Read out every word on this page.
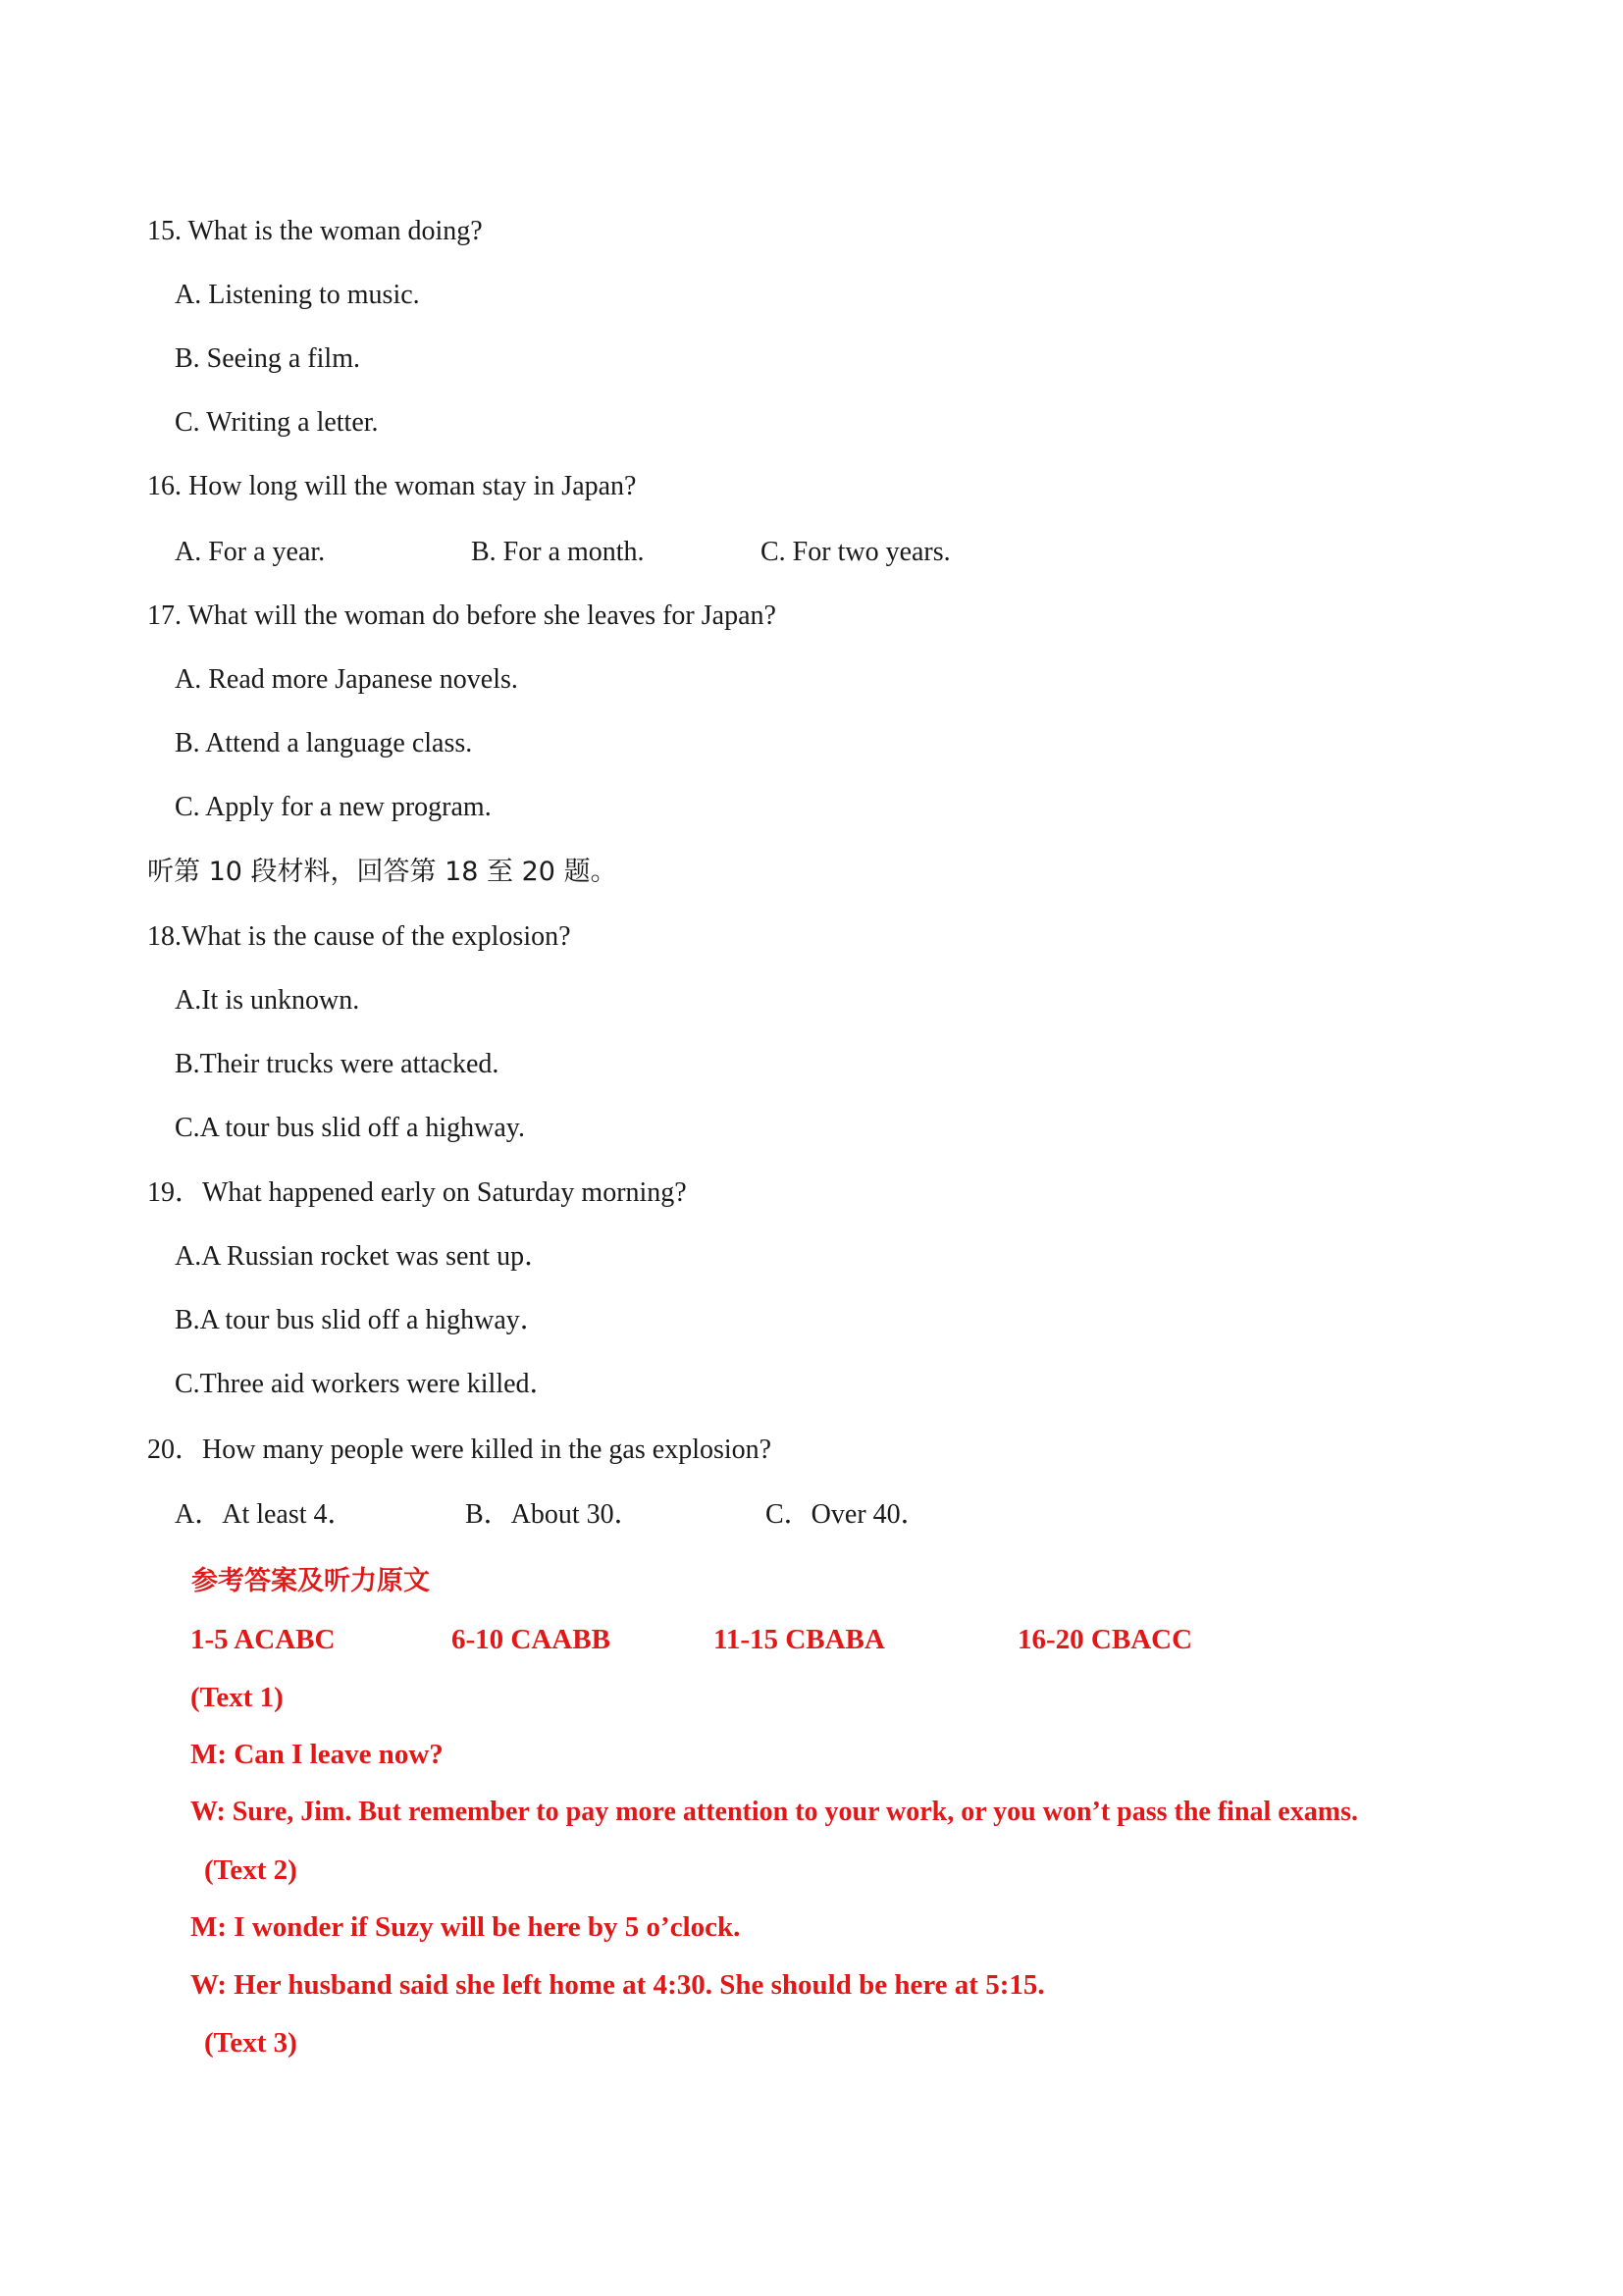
15. What is the woman doing?
A. Listening to music.
B. Seeing a film.
C. Writing a letter.
16. How long will the woman stay in Japan?
A. For a year.	B. For a month.	C. For two years.
17. What will the woman do before she leaves for Japan?
A. Read more Japanese novels.
B. Attend a language class.
C. Apply for a new program.
听第 10 段材料，回答第 18 至 20 题。
18.What is the cause of the explosion?
A.It is unknown.
B.Their trucks were attacked.
C.A tour bus slid off a highway.
19．What happened early on Saturday morning?
A.A Russian rocket was sent up．
B.A tour bus slid off a highway．
C.Three aid workers were killed．
20．How many people were killed in the gas explosion?
A．At least 4．	B．About 30．	C．Over 40．
参考答案及听力原文
1-5 ACABC	6-10 CAABB	11-15 CBABA	16-20 CBACC
(Text 1)
M: Can I leave now?
W: Sure, Jim. But remember to pay more attention to your work, or you won’t pass the final exams.
(Text 2)
M: I wonder if Suzy will be here by 5 o’clock.
W: Her husband said she left home at 4:30. She should be here at 5:15.
(Text 3)
